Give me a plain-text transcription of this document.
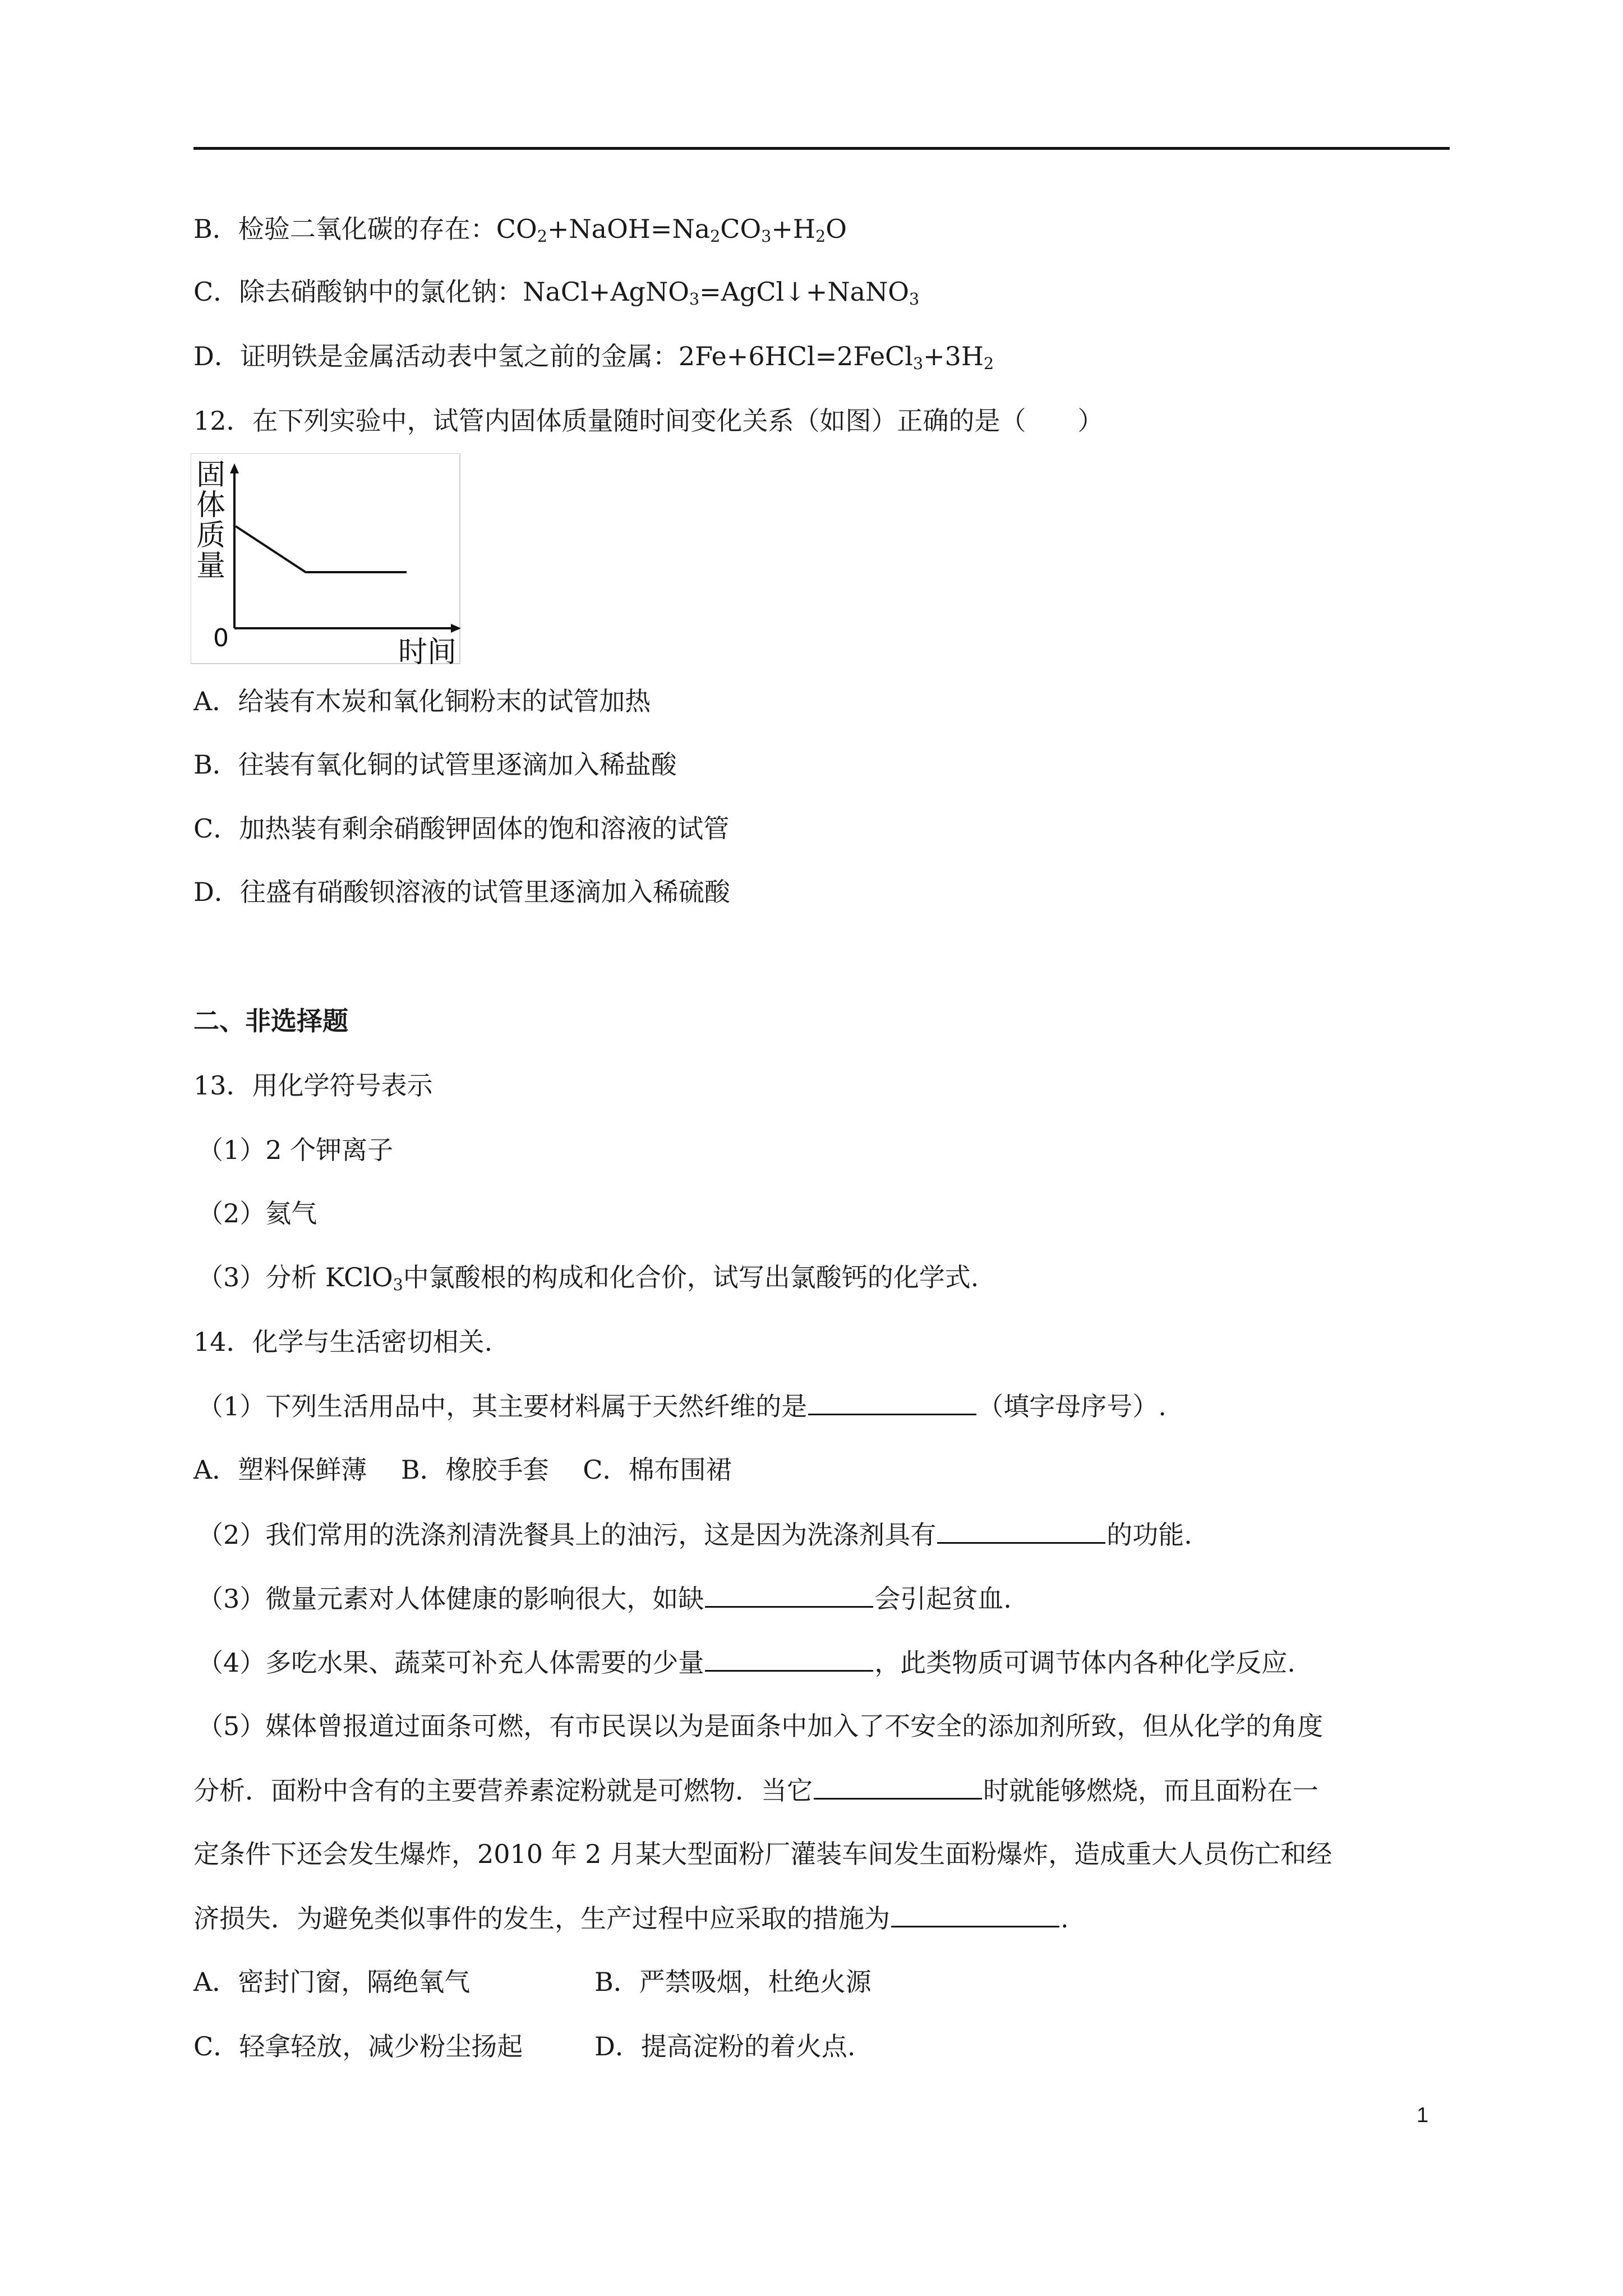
B．检验二氧化碳的存在：$CO_2+NaOH=Na_2CO_3+H_2O$
C．除去硝酸钠中的氯化钠：NaCl+AgNO$_3$=AgCl↓+NaNO$_3$
D．证明铁是金属活动表中氢之前的金属：$2Fe+6HCl=2FeCl_3+3H_2$
12．在下列实验中，试管内固体质量随时间变化关系（如图）正确的是（　　）
固
体
质
量
0	时间
A．给装有木炭和氧化铜粉末的试管加热
B．往装有氧化铜的试管里逐滴加入稀盐酸
C．加热装有剩余硝酸钾固体的饱和溶液的试管
D．往盛有硝酸钡溶液的试管里逐滴加入稀硫酸
二、非选择题
13．用化学符号表示
（1）2 个钾离子
（2）氦气
（3）分析 KClO$_3$中氯酸根的构成和化合价，试写出氯酸钙的化学式.
14．化学与生活密切相关.
（1）下列生活用品中，其主要材料属于天然纤维的是	（填字母序号）.
A．塑料保鲜薄　 B．橡胶手套　 C．棉布围裙
（2）我们常用的洗涤剂清洗餐具上的油污，这是因为洗涤剂具有	的功能.
（3）微量元素对人体健康的影响很大，如缺	会引起贫血.
（4）多吃水果、蔬菜可补充人体需要的少量	，此类物质可调节体内各种化学反应.
（5）媒体曾报道过面条可燃，有市民误以为是面条中加入了不安全的添加剂所致，但从化学的角度
分析．面粉中含有的主要营养素淀粉就是可燃物．当它	时就能够燃烧，而且面粉在一
定条件下还会发生爆炸，2010 年 2 月某大型面粉厂灌装车间发生面粉爆炸，造成重大人员伤亡和经
济损失．为避免类似事件的发生，生产过程中应采取的措施为	.
A．密封门窗，隔绝氧气	B．严禁吸烟，杜绝火源
C．轻拿轻放，减少粉尘扬起	D．提高淀粉的着火点.
1
